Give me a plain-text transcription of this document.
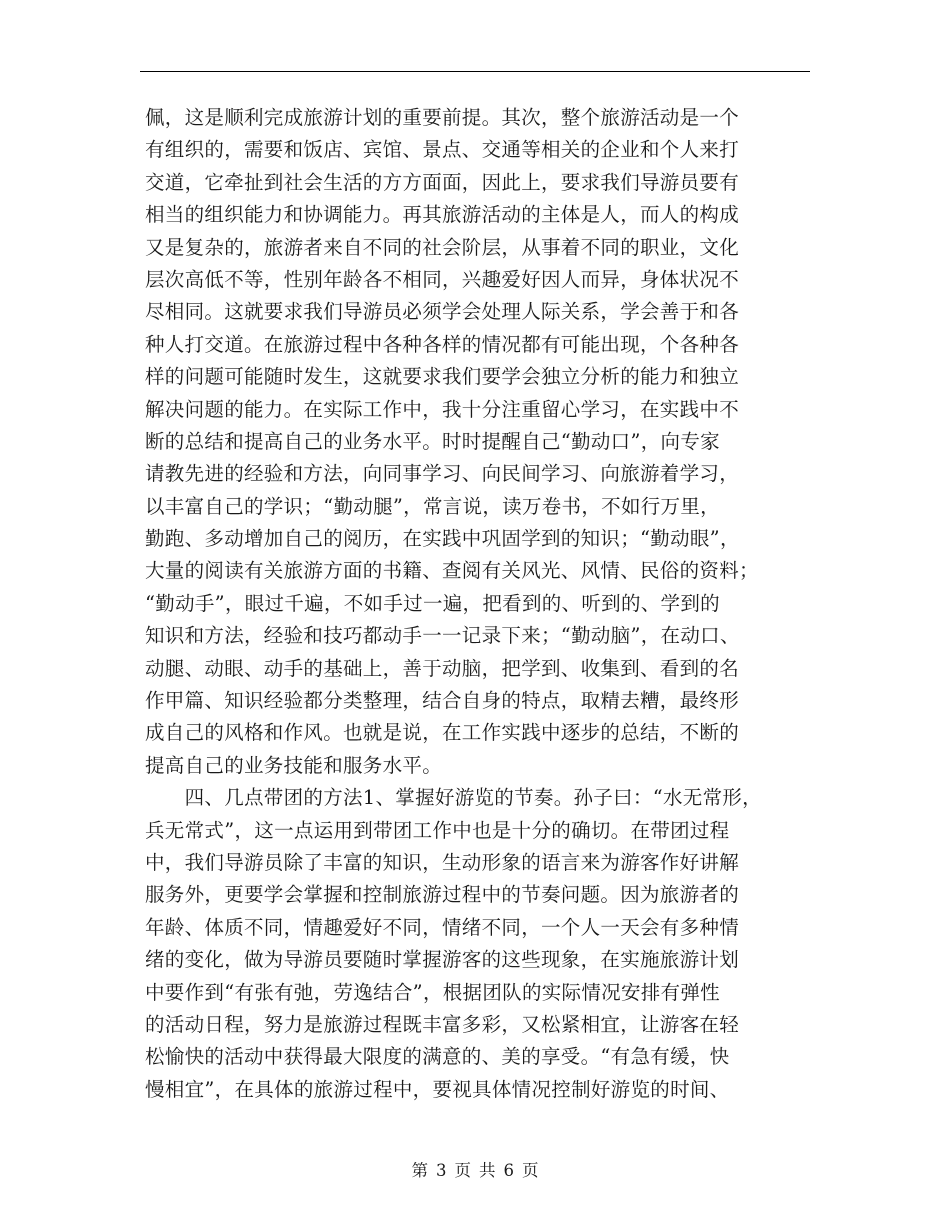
佩，这是顺利完成旅游计划的重要前提。其次，整个旅游活动是一个
有组织的，需要和饭店、宾馆、景点、交通等相关的企业和个人来打
交道，它牵扯到社会生活的方方面面，因此上，要求我们导游员要有
相当的组织能力和协调能力。再其旅游活动的主体是人，而人的构成
又是复杂的，旅游者来自不同的社会阶层，从事着不同的职业，文化
层次高低不等，性别年龄各不相同，兴趣爱好因人而异，身体状况不
尽相同。这就要求我们导游员必须学会处理人际关系，学会善于和各
种人打交道。在旅游过程中各种各样的情况都有可能出现，个各种各
样的问题可能随时发生，这就要求我们要学会独立分析的能力和独立
解决问题的能力。在实际工作中，我十分注重留心学习，在实践中不
断的总结和提高自己的业务水平。时时提醒自己“勤动口”，向专家
请教先进的经验和方法，向同事学习、向民间学习、向旅游着学习，
以丰富自己的学识；“勤动腿”，常言说，读万卷书，不如行万里，
勤跑、多动增加自己的阅历，在实践中巩固学到的知识；“勤动眼”，
大量的阅读有关旅游方面的书籍、查阅有关风光、风情、民俗的资料；
“勤动手”，眼过千遍，不如手过一遍，把看到的、听到的、学到的
知识和方法，经验和技巧都动手一一记录下来；“勤动脑”，在动口、
动腿、动眼、动手的基础上，善于动脑，把学到、收集到、看到的名
作甲篇、知识经验都分类整理，结合自身的特点，取精去糟，最终形
成自己的风格和作风。也就是说，在工作实践中逐步的总结，不断的
提高自己的业务技能和服务水平。
　　四、几点带团的方法1、掌握好游览的节奏。孙子曰：“水无常形，
兵无常式”，这一点运用到带团工作中也是十分的确切。在带团过程
中，我们导游员除了丰富的知识，生动形象的语言来为游客作好讲解
服务外，更要学会掌握和控制旅游过程中的节奏问题。因为旅游者的
年龄、体质不同，情趣爱好不同，情绪不同，一个人一天会有多种情
绪的变化，做为导游员要随时掌握游客的这些现象，在实施旅游计划
中要作到“有张有弛，劳逸结合”，根据团队的实际情况安排有弹性
的活动日程，努力是旅游过程既丰富多彩，又松紧相宜，让游客在轻
松愉快的活动中获得最大限度的满意的、美的享受。“有急有缓，快
慢相宜”，在具体的旅游过程中，要视具体情况控制好游览的时间、
第 3 页 共 6 页
